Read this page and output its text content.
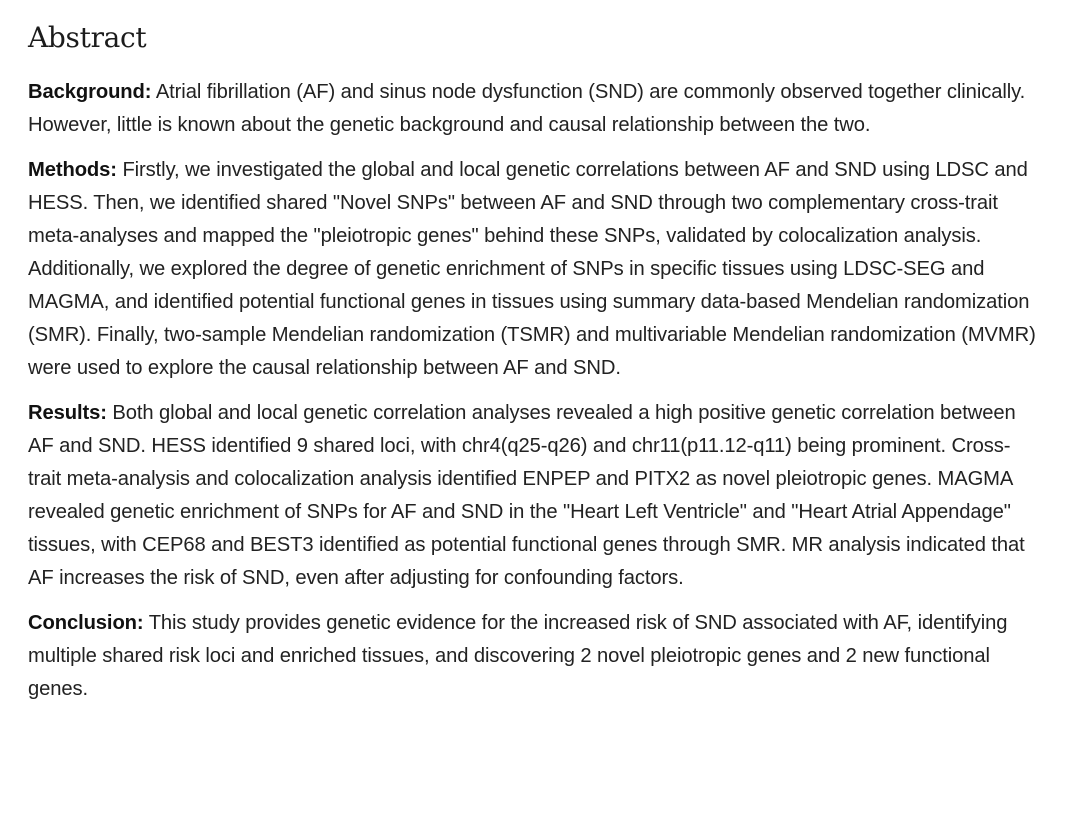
Abstract

Background: Atrial fibrillation (AF) and sinus node dysfunction (SND) are commonly observed together clinically. However, little is known about the genetic background and causal relationship between the two.

Methods: Firstly, we investigated the global and local genetic correlations between AF and SND using LDSC and HESS. Then, we identified shared "Novel SNPs" between AF and SND through two complementary cross-trait meta-analyses and mapped the "pleiotropic genes" behind these SNPs, validated by colocalization analysis. Additionally, we explored the degree of genetic enrichment of SNPs in specific tissues using LDSC-SEG and MAGMA, and identified potential functional genes in tissues using summary data-based Mendelian randomization (SMR). Finally, two-sample Mendelian randomization (TSMR) and multivariable Mendelian randomization (MVMR) were used to explore the causal relationship between AF and SND.

Results: Both global and local genetic correlation analyses revealed a high positive genetic correlation between AF and SND. HESS identified 9 shared loci, with chr4(q25-q26) and chr11(p11.12-q11) being prominent. Cross-trait meta-analysis and colocalization analysis identified ENPEP and PITX2 as novel pleiotropic genes. MAGMA revealed genetic enrichment of SNPs for AF and SND in the "Heart Left Ventricle" and "Heart Atrial Appendage" tissues, with CEP68 and BEST3 identified as potential functional genes through SMR. MR analysis indicated that AF increases the risk of SND, even after adjusting for confounding factors.

Conclusion: This study provides genetic evidence for the increased risk of SND associated with AF, identifying multiple shared risk loci and enriched tissues, and discovering 2 novel pleiotropic genes and 2 new functional genes.
